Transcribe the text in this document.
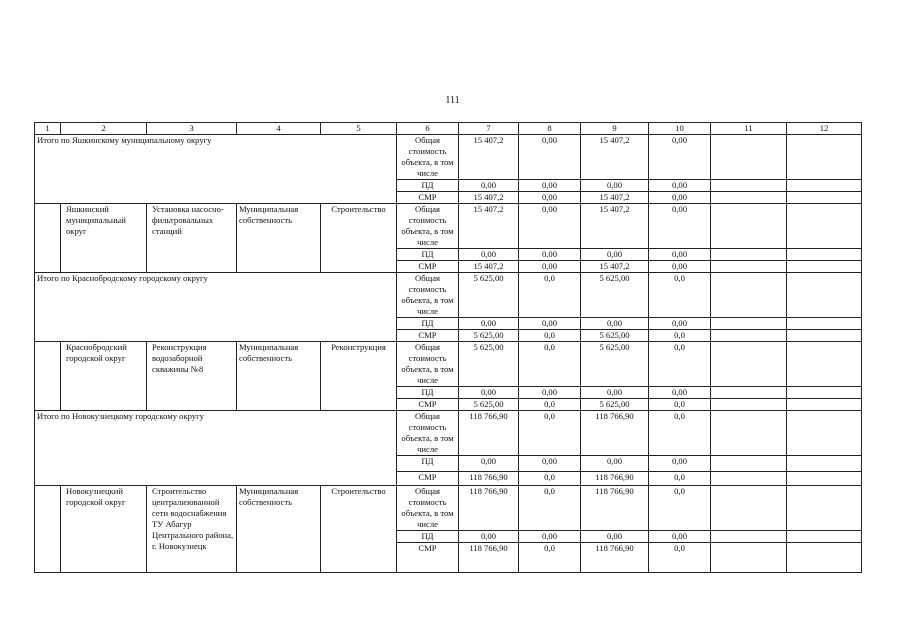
111
1	2	3	4	5	6	7	8	9	10	11	12
Итого по Яшкинскому муниципальному округу					Общая стоимость объекта, в том числе	15 407,2	0,00	15 407,2	0,00		
					ПД	0,00	0,00	0,00	0,00		
					СМР	15 407,2	0,00	15 407,2	0,00		
	Яшкинский муниципальный округ	Установка насосно-фильтровальных станций	Муниципальная собственность	Строительство	Общая стоимость объекта, в том числе	15 407,2	0,00	15 407,2	0,00		
					ПД	0,00	0,00	0,00	0,00		
					СМР	15 407,2	0,00	15 407,2	0,00		
Итого по Краснобродскому городскому округу					Общая стоимость объекта, в том числе	5 625,00	0,0	5 625,00	0,0		
					ПД	0,00	0,00	0,00	0,00		
					СМР	5 625,00	0,0	5 625,00	0,0		
	Краснобродский городской округ	Реконструкция водозаборной скважины №8	Муниципальная собственность	Реконструкция	Общая стоимость объекта, в том числе	5 625,00	0,0	5 625,00	0,0		
					ПД	0,00	0,00	0,00	0,00		
					СМР	5 625,00	0,0	5 625,00	0,0		
Итого по Новокузнецкому городскому округу					Общая стоимость объекта, в том числе	118 766,90	0,0	118 766,90	0,0		
					ПД	0,00	0,00	0,00	0,00		
					СМР	118 766,90	0,0	118 766,90	0,0		
	Новокузнецкий городской округ	Строительство централизованной сети водоснабжения ТУ Абагур Центрального района, г. Новокузнецк	Муниципальная собственность	Строительство	Общая стоимость объекта, в том числе	118 766,90	0,0	118 766,90	0,0		
					ПД	0,00	0,00	0,00	0,00		
					СМР	118 766,90	0,0	118 766,90	0,0		
